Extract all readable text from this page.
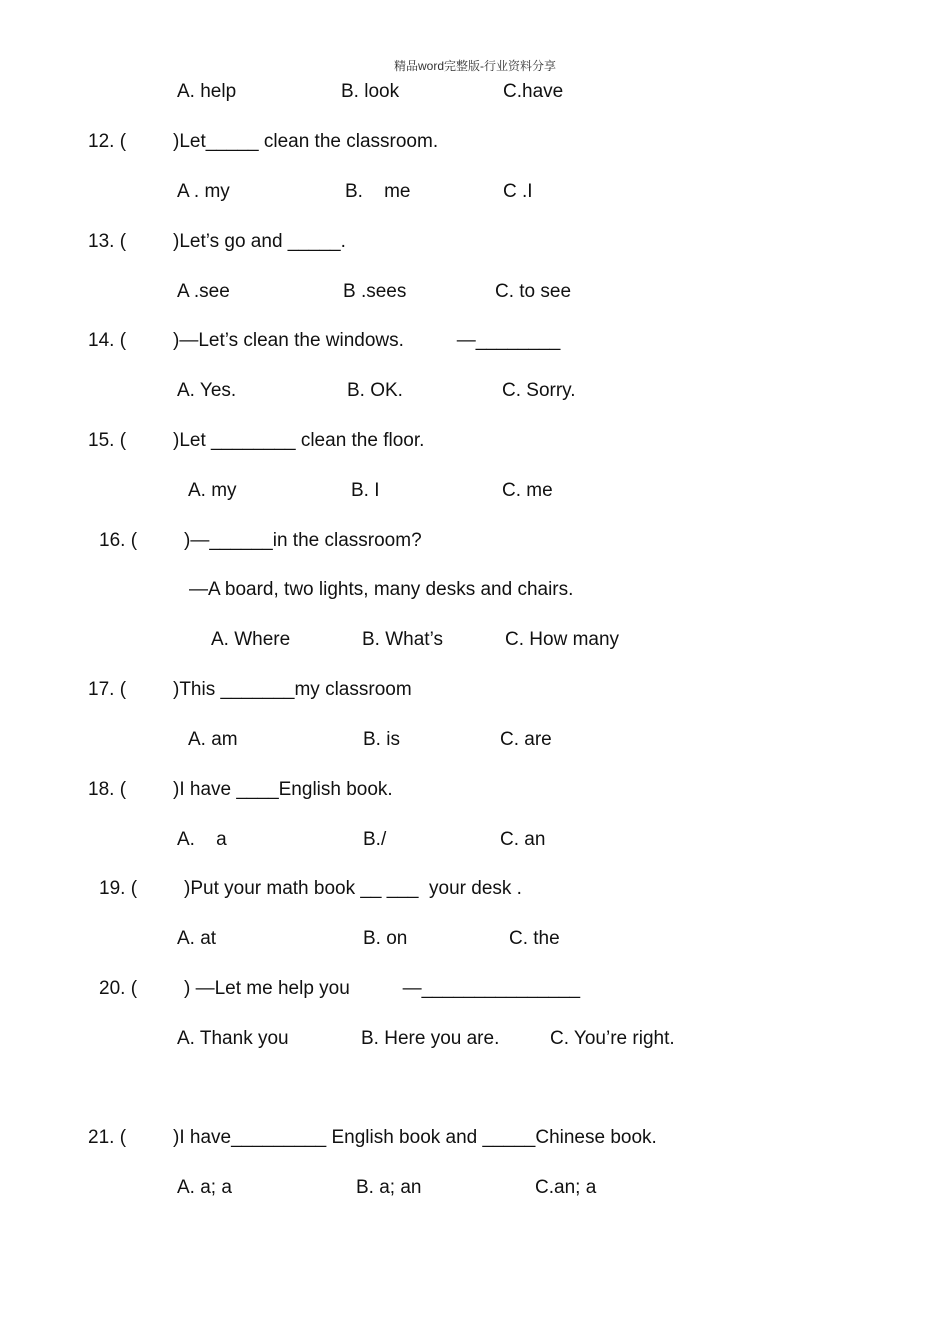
精品word完整版-行业资料分享
A. help	B. look	C.have
12. ( )Let_____ clean the classroom.
A . my	B.    me	C .I
13. ( )Let’s go and _____.
A .see	B .sees	C. to see
14. ( )—Let’s clean the windows.          —________
A. Yes.	B. OK.	C. Sorry.
15. ( )Let ________ clean the floor.
A. my	B. I	C. me
16. ( )—______in the classroom?
—A board, two lights, many desks and chairs.
A. Where	B. What’s	C. How many
17. ( )This _______my classroom
A. am	B. is	C. are
18. ( )I have ____English book.
A.    a	B./	C. an
19. ( )Put your math book __ ___  your desk .
A. at	B. on	C. the
20. ( ) —Let me help you          —_______________
A. Thank you	B. Here you are.	C. You’re right.
21. ( )I have_________ English book and _____Chinese book.
A. a; a	B. a; an	C.an; a
